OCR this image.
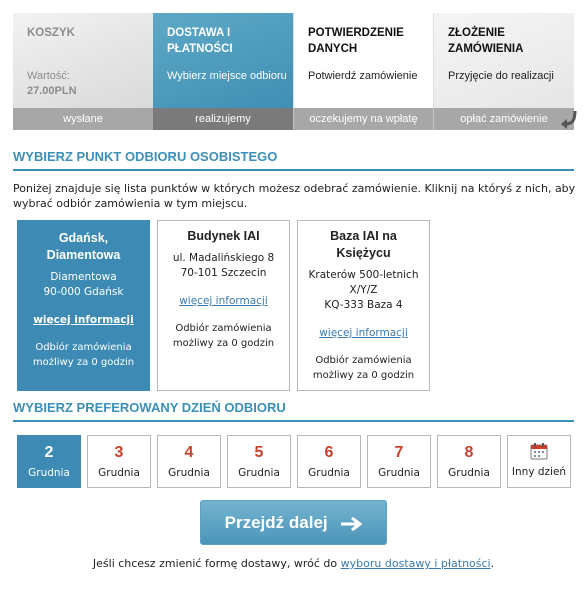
KOSZYK
Wartość:
27.00PLN
DOSTAWA I PŁATNOŚCI
Wybierz miejsce odbioru
POTWIERDZENIE DANYCH
Potwierdź zamówienie
ZŁOŻENIE ZAMÓWIENIA
Przyjęcie do realizacji
wysłane	realizujemy	oczekujemy na wpłatę	opłać zamówienie
WYBIERZ PUNKT ODBIORU OSOBISTEGO
Poniżej znajduje się lista punktów w których możesz odebrać zamówienie. Kliknij na któryś z nich, aby wybrać odbiór zamówienia w tym miejscu.
Gdańsk, Diamentowa
Diamentowa
90-000 Gdańsk
więcej informacji
Odbiór zamówienia możliwy za 0 godzin
Budynek IAI
ul. Madalińskiego 8
70-101 Szczecin
więcej informacji
Odbiór zamówienia możliwy za 0 godzin
Baza IAI na Księżycu
Kraterów 500-letnich X/Y/Z
KQ-333 Baza 4
więcej informacji
Odbiór zamówienia możliwy za 0 godzin
WYBIERZ PREFEROWANY DZIEŃ ODBIORU
2
Grudnia
3
Grudnia
4
Grudnia
5
Grudnia
6
Grudnia
7
Grudnia
8
Grudnia	Inny dzień
Przejdź dalej
Jeśli chcesz zmienić formę dostawy, wróć do wyboru dostawy i płatności.
